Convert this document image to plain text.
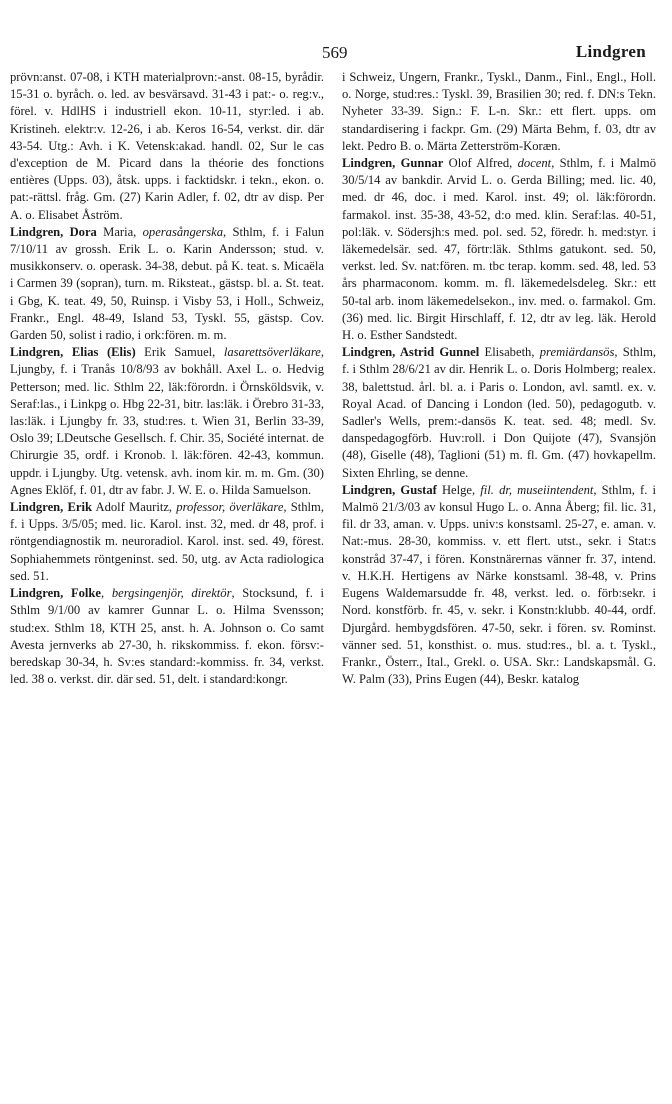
569	Lindgren

prövn:anst. 07-08, i KTH materialprovn:-anst. 08-15, byrådir. 15-31 o. byråch. o. led. av besvärsavd. 31-43 i pat:- o. reg:v., förel. v. HdlHS i industriell ekon. 10-11, styr:led. i ab. Kristineh. elektr:v. 12-26, i ab. Keros 16-54, verkst. dir. där 43-54. Utg.: Avh. i K. Vetensk:akad. handl. 02, Sur le cas d'exception de M. Picard dans la théorie des fonctions entières (Upps. 03), åtsk. upps. i facktidskr. i tekn., ekon. o. pat:-rättsl. fråg. Gm. (27) Karin Adler, f. 02, dtr av disp. Per A. o. Elisabet Åström.

Lindgren, Dora Maria, operasångerska, Sthlm, f. i Falun 7/10/11 av grossh. Erik L. o. Karin Andersson; stud. v. musikkonserv. o. operask. 34-38, debut. på K. teat. s. Micaëla i Carmen 39 (sopran), turn. m. Riksteat., gästsp. bl. a. St. teat. i Gbg, K. teat. 49, 50, Ruinsp. i Visby 53, i Holl., Schweiz, Frankr., Engl. 48-49, Island 53, Tyskl. 55, gästsp. Cov. Garden 50, solist i radio, i ork:fören. m. m.

Lindgren, Elias (Elis) Erik Samuel, lasarettsöverläkare, Ljungby, f. i Tranås 10/8/93 av bokhåll. Axel L. o. Hedvig Petterson; med. lic. Sthlm 22, läk:förordn. i Örnsköldsvik, v. Seraf:las., i Linkpg o. Hbg 22-31, bitr. las:läk. i Örebro 31-33, las:läk. i Ljungby fr. 33, stud:res. t. Wien 31, Berlin 33-39, Oslo 39; LDeutsche Gesellsch. f. Chir. 35, Société internat. de Chirurgie 35, ordf. i Kronob. l. läk:fören. 42-43, kommun. uppdr. i Ljungby. Utg. vetensk. avh. inom kir. m. m. Gm. (30) Agnes Eklöf, f. 01, dtr av fabr. J. W. E. o. Hilda Samuelson.

Lindgren, Erik Adolf Mauritz, professor, överläkare, Sthlm, f. i Upps. 3/5/05; med. lic. Karol. inst. 32, med. dr 48, prof. i röntgendiagnostik m. neuroradiol. Karol. inst. sed. 49, förest. Sophiahemmets röntgeninst. sed. 50, utg. av Acta radiologica sed. 51.

Lindgren, Folke, bergsingenjör, direktör, Stocksund, f. i Sthlm 9/1/00 av kamrer Gunnar L. o. Hilma Svensson; stud:ex. Sthlm 18, KTH 25, anst. h. A. Johnson o. Co samt Avesta jernverks ab 27-30, h. rikskommiss. f. ekon. försv:-beredskap 30-34, h. Sv:es standard:-kommiss. fr. 34, verkst. led. 38 o. verkst. dir. där sed. 51, delt. i standard:kongr.

i Schweiz, Ungern, Frankr., Tyskl., Danm., Finl., Engl., Holl. o. Norge, stud:res.: Tyskl. 39, Brasilien 30; red. f. DN:s Tekn. Nyheter 33-39. Sign.: F. L-n. Skr.: ett flert. upps. om standardisering i fackpr. Gm. (29) Märta Behm, f. 03, dtr av lekt. Pedro B. o. Märta Zetterström-Koræn.

Lindgren, Gunnar Olof Alfred, docent, Sthlm, f. i Malmö 30/5/14 av bankdir. Arvid L. o. Gerda Billing; med. lic. 40, med. dr 46, doc. i med. Karol. inst. 49; ol. läk:förordn. farmakol. inst. 35-38, 43-52, d:o med. klin. Seraf:las. 40-51, pol:läk. v. Södersjh:s med. pol. sed. 52, föredr. h. med:styr. i läkemedelsär. sed. 47, förtr:läk. Sthlms gatukont. sed. 50, verkst. led. Sv. nat:fören. m. tbc terap. komm. sed. 48, led. 53 års pharmaconom. komm. m. fl. läkemedelsdeleg. Skr.: ett 50-tal arb. inom läkemedelsekon., inv. med. o. farmakol. Gm. (36) med. lic. Birgit Hirschlaff, f. 12, dtr av leg. läk. Herold H. o. Esther Sandstedt.

Lindgren, Astrid Gunnel Elisabeth, premiärdansös, Sthlm, f. i Sthlm 28/6/21 av dir. Henrik L. o. Doris Holmberg; realex. 38, balettstud. årl. bl. a. i Paris o. London, avl. samtl. ex. v. Royal Acad. of Dancing i London (led. 50), pedagogutb. v. Sadler's Wells, prem:-dansös K. teat. sed. 48; medl. Sv. danspedagogförb. Huv:roll. i Don Quijote (47), Svansjön (48), Giselle (48), Taglioni (51) m. fl. Gm. (47) hovkapellm. Sixten Ehrling, se denne.

Lindgren, Gustaf Helge, fil. dr, museiintendent, Sthlm, f. i Malmö 21/3/03 av konsul Hugo L. o. Anna Åberg; fil. lic. 31, fil. dr 33, aman. v. Upps. univ:s konstsaml. 25-27, e. aman. v. Nat:-mus. 28-30, kommiss. v. ett flert. utst., sekr. i Stat:s konstråd 37-47, i fören. Konstnärernas vänner fr. 37, intend. v. H.K.H. Hertigens av Närke konstsaml. 38-48, v. Prins Eugens Waldemarsudde fr. 48, verkst. led. o. förb:sekr. i Nord. konstförb. fr. 45, v. sekr. i Konstn:klubb. 40-44, ordf. Djurgård. hembygdsfören. 47-50, sekr. i fören. sv. Rominst. vänner sed. 51, konsthist. o. mus. stud:res., bl. a. t. Tyskl., Frankr., Österr., Ital., Grekl. o. USA. Skr.: Landskapsmål. G. W. Palm (33), Prins Eugen (44), Beskr. katalog
